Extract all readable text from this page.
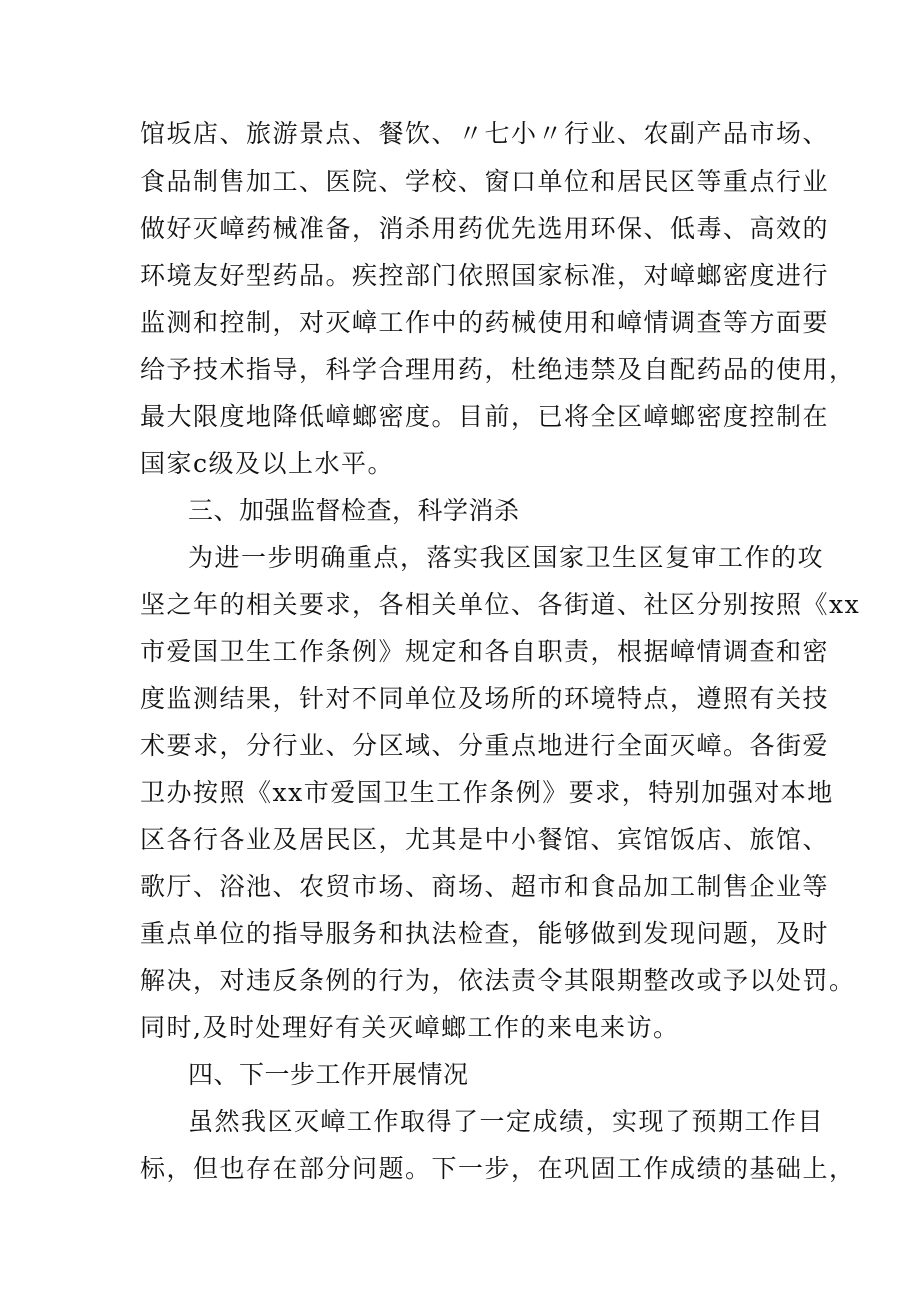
馆坂店、旅游景点、餐饮、〃七小〃行业、农副产品市场、
食品制售加工、医院、学校、窗口单位和居民区等重点行业
做好灭嶂药械准备，消杀用药优先选用环保、低毒、高效的
环境友好型药品。疾控部门依照国家标准，对嶂螂密度进行
监测和控制，对灭嶂工作中的药械使用和嶂情调查等方面要
给予技术指导，科学合理用药，杜绝违禁及自配药品的使用，
最大限度地降低嶂螂密度。目前，已将全区嶂螂密度控制在
国家c级及以上水平。
三、加强监督检查，科学消杀
为进一步明确重点，落实我区国家卫生区复审工作的攻
坚之年的相关要求，各相关单位、各街道、社区分别按照《xx
市爱国卫生工作条例》规定和各自职责，根据嶂情调查和密
度监测结果，针对不同单位及场所的环境特点，遵照有关技
术要求，分行业、分区域、分重点地进行全面灭嶂。各街爱
卫办按照《xx市爱国卫生工作条例》要求，特别加强对本地
区各行各业及居民区，尤其是中小餐馆、宾馆饭店、旅馆、
歌厅、浴池、农贸市场、商场、超市和食品加工制售企业等
重点单位的指导服务和执法检查，能够做到发现问题，及时
解决，对违反条例的行为，依法责令其限期整改或予以处罚。
同时,及时处理好有关灭嶂螂工作的来电来访。
四、下一步工作开展情况
虽然我区灭嶂工作取得了一定成绩，实现了预期工作目
标，但也存在部分问题。下一步，在巩固工作成绩的基础上，
